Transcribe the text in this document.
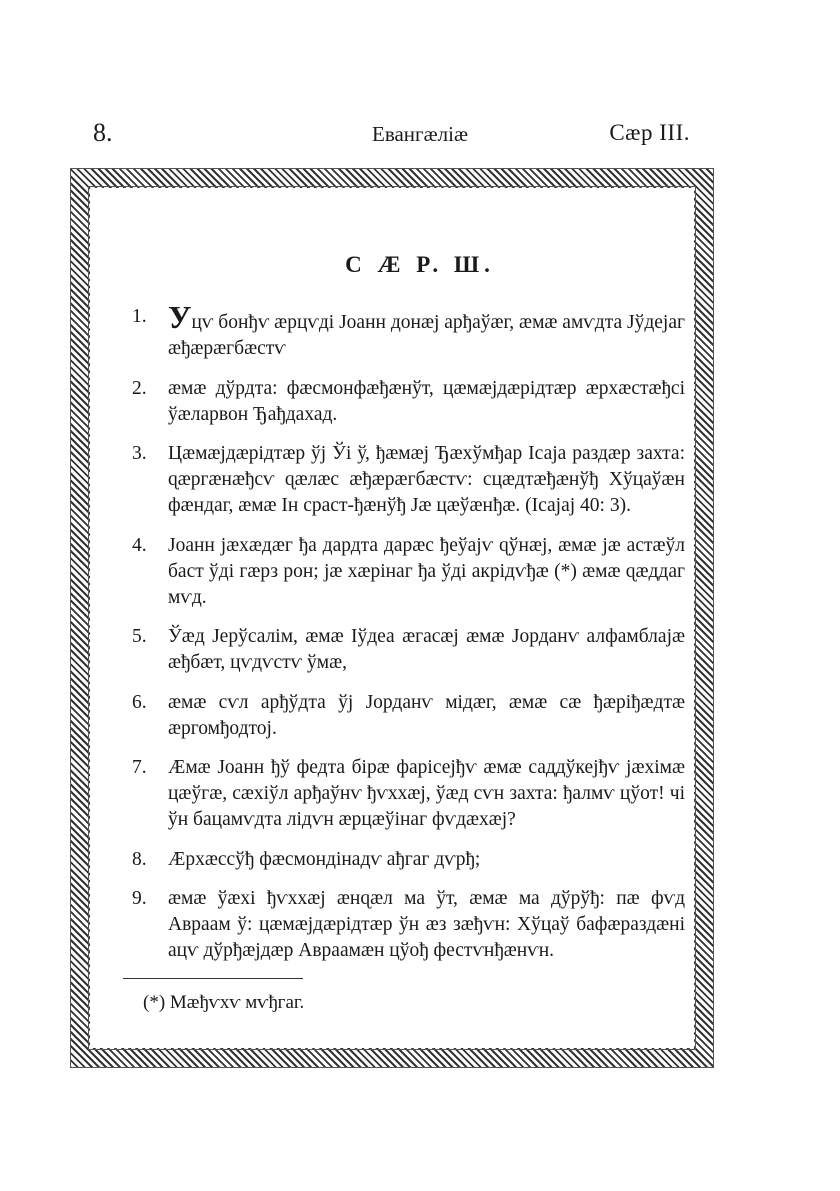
8.	Евангæліæ	Сæр III.
С Æ Р. Ш.
1. Уцѵ бонђѵ æрцѵді Јоанн донæј арђаўæг, æмæ амѵдта Јўдејаг æђæрæгбæстѵ
2.	æмæ дўрдта: фæсмонфæђæнўт, цæмæјдæрідтæр æрхæстæђсі ўæларвон Ђађдахад.
3.	Цæмæјдæрідтæр ўј Ўі ў, ђæмæј Ђæхўмђар Ісаја раздæр захта: ɋæргæнæђсѵ ɋæлæс æђæрæгбæстѵ: сцæдтæђæнўђ Хўцаўæн фæндаг, æмæ Ін сраст-ђæнўђ Јæ цæўæнђæ. (Ісајај 40: 3).
4.	Јоанн јæхæдæг ђа дардта дарæс ђеўајѵ ɋўнæј, æмæ јæ астæўл баст ўді гæрз рон; јæ хæрінаг ђа ўді акрідѵђæ (*) æмæ ɋæддаг мѵд.
5.	Ўæд Јерўсалім, æмæ Іўдеа æгасæј æмæ Јорданѵ алфамблајæ æђбæт, цѵдѵстѵ ўмæ,
6.	æмæ сѵл арђўдта ўј Јорданѵ мідæг, æмæ сæ ђæріђæдтæ æргомђодтој.
7.	Æмæ Јоанн ђў федта бірæ фарісејђѵ æмæ саддўкејђѵ јæхімæ цæўгæ, сæхіўл арђаўнѵ ђѵххæј, ўæд сѵн захта: ђалмѵ цўот! чі ўн бацамѵдта лідѵн æрцæўінаг фѵдæхæј?
8.	Æрхæссўђ фæсмондінадѵ ађгаг дѵрђ;
9.	æмæ ўæхі ђѵххæј æнɋæл ма ўт, æмæ ма дўрўђ: пæ фѵд Авраам ў: цæмæјдæрідтæр ўн æз зæђѵн: Хўцаў бафæраздæні ацѵ дўрђæјдæр Авраамæн цўођ фестѵнђæнѵн.
(*) Мæђѵхѵ мѵђгаг.
